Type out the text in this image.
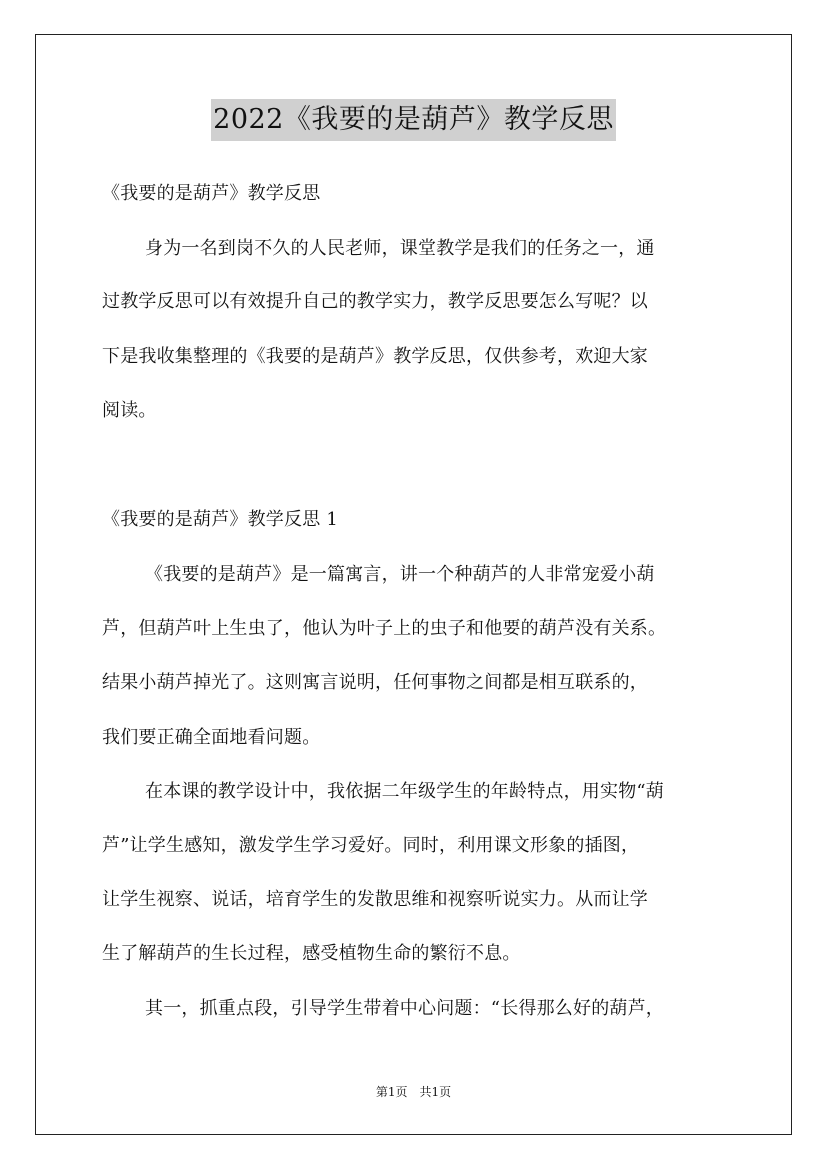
2022《我要的是葫芦》教学反思
《我要的是葫芦》教学反思
身为一名到岗不久的人民老师，课堂教学是我们的任务之一，通
过教学反思可以有效提升自己的教学实力，教学反思要怎么写呢？以
下是我收集整理的《我要的是葫芦》教学反思，仅供参考，欢迎大家
阅读。
《我要的是葫芦》教学反思 1
《我要的是葫芦》是一篇寓言，讲一个种葫芦的人非常宠爱小葫
芦，但葫芦叶上生虫了，他认为叶子上的虫子和他要的葫芦没有关系。
结果小葫芦掉光了。这则寓言说明，任何事物之间都是相互联系的，
我们要正确全面地看问题。
在本课的教学设计中，我依据二年级学生的年龄特点，用实物“葫
芦”让学生感知，激发学生学习爱好。同时，利用课文形象的插图，
让学生视察、说话，培育学生的发散思维和视察听说实力。从而让学
生了解葫芦的生长过程，感受植物生命的繁衍不息。
其一，抓重点段，引导学生带着中心问题：“长得那么好的葫芦，
第1页　共1页
